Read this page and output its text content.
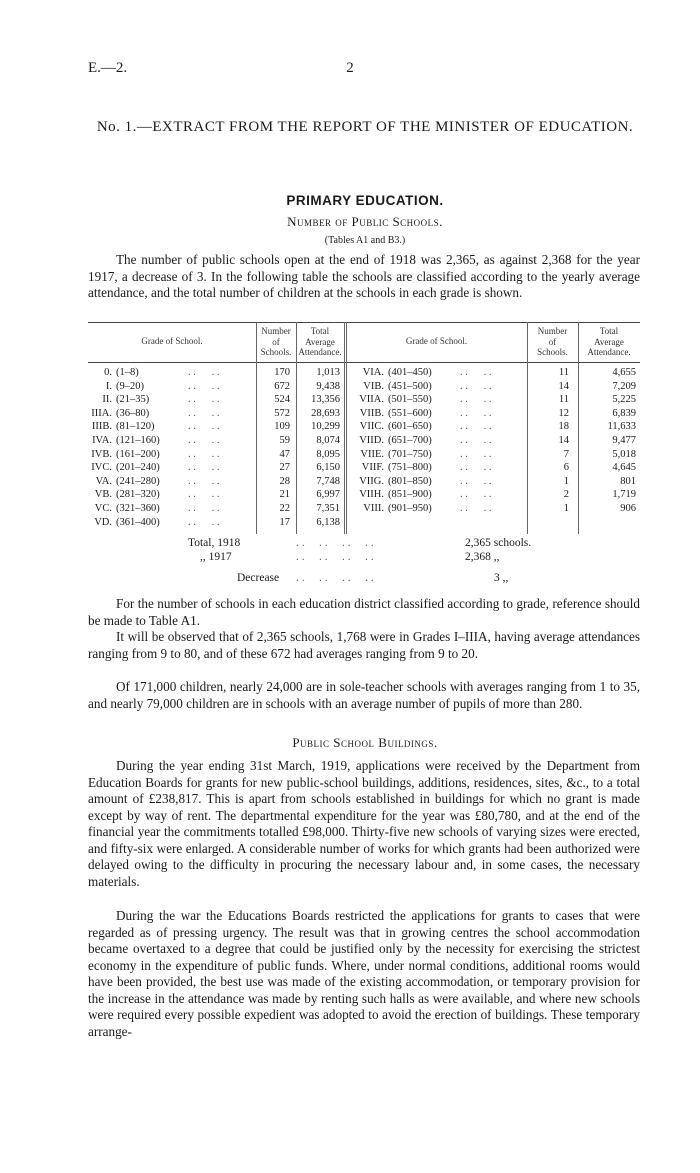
E.—2.	2
No. 1.—EXTRACT FROM THE REPORT OF THE MINISTER OF EDUCATION.
PRIMARY EDUCATION.
Number of Public Schools.
(Tables A1 and B3.)

The number of public schools open at the end of 1918 was 2,365, as against 2,368 for the year 1917, a decrease of 3. In the following table the schools are classified according to the yearly average attendance, and the total number of children at the schools in each grade is shown.

Grade of School.
Number
of
Schools.
Total
Average
Attendance.
Grade of School.
Number
of
Schools.
Total
Average
Attendance.
0. (1–8)	. .      . .	170	1,013
I. (9–20)	. .      . .	672	9,438
II. (21–35)	. .      . .	524	13,356
IIIA. (36–80)	. .      . .	572	28,693
IIIB. (81–120)	. .      . .	109	10,299
IVA. (121–160)	. .      . .	59	8,074
IVB. (161–200)	. .      . .	47	8,095
IVC. (201–240)	. .      . .	27	6,150
VA. (241–280)	. .      . .	28	7,748
VB. (281–320)	. .      . .	21	6,997
VC. (321–360)	. .      . .	22	7,351
VD. (361–400)	. .      . .	17	6,138
VIA. (401–450)	. .      . .	11	4,655
VIB. (451–500)	. .      . .	14	7,209
VIIA. (501–550)	. .      . .	11	5,225
VIIB. (551–600)	. .      . .	12	6,839
VIIC. (601–650)	. .      . .	18	11,633
VIID. (651–700)	. .      . .	14	9,477
VIIE. (701–750)	. .      . .	7	5,018
VIIF. (751–800)	. .      . .	6	4,645
VIIG. (801–850)	. .      . .	1	801
VIIH. (851–900)	. .      . .	2	1,719
VIII. (901–950)	. .      . .	1	906
Total, 1918	. .     . .     . .     . .	2,365 schools.
,, 1917	. .     . .     . .     . .	2,368 ,,
Decrease . .     . .     . .     . .	3 ,,

For the number of schools in each education district classified according to grade, reference should be made to Table A1.

It will be observed that of 2,365 schools, 1,768 were in Grades I–IIIA, having average attendances ranging from 9 to 80, and of these 672 had averages ranging from 9 to 20.

Of 171,000 children, nearly 24,000 are in sole-teacher schools with averages ranging from 1 to 35, and nearly 79,000 children are in schools with an average number of pupils of more than 280.

Public School Buildings.

During the year ending 31st March, 1919, applications were received by the Department from Education Boards for grants for new public-school buildings, additions, residences, sites, &c., to a total amount of £238,817. This is apart from schools established in buildings for which no grant is made except by way of rent. The departmental expenditure for the year was £80,780, and at the end of the financial year the commitments totalled £98,000. Thirty-five new schools of varying sizes were erected, and fifty-six were enlarged. A considerable number of works for which grants had been authorized were delayed owing to the difficulty in procuring the necessary labour and, in some cases, the necessary materials.

During the war the Educations Boards restricted the applications for grants to cases that were regarded as of pressing urgency. The result was that in growing centres the school accommodation became overtaxed to a degree that could be justified only by the necessity for exercising the strictest economy in the expenditure of public funds. Where, under normal conditions, additional rooms would have been provided, the best use was made of the existing accommodation, or temporary provision for the increase in the attendance was made by renting such halls as were available, and where new schools were required every possible expedient was adopted to avoid the erection of buildings. These temporary arrange-
